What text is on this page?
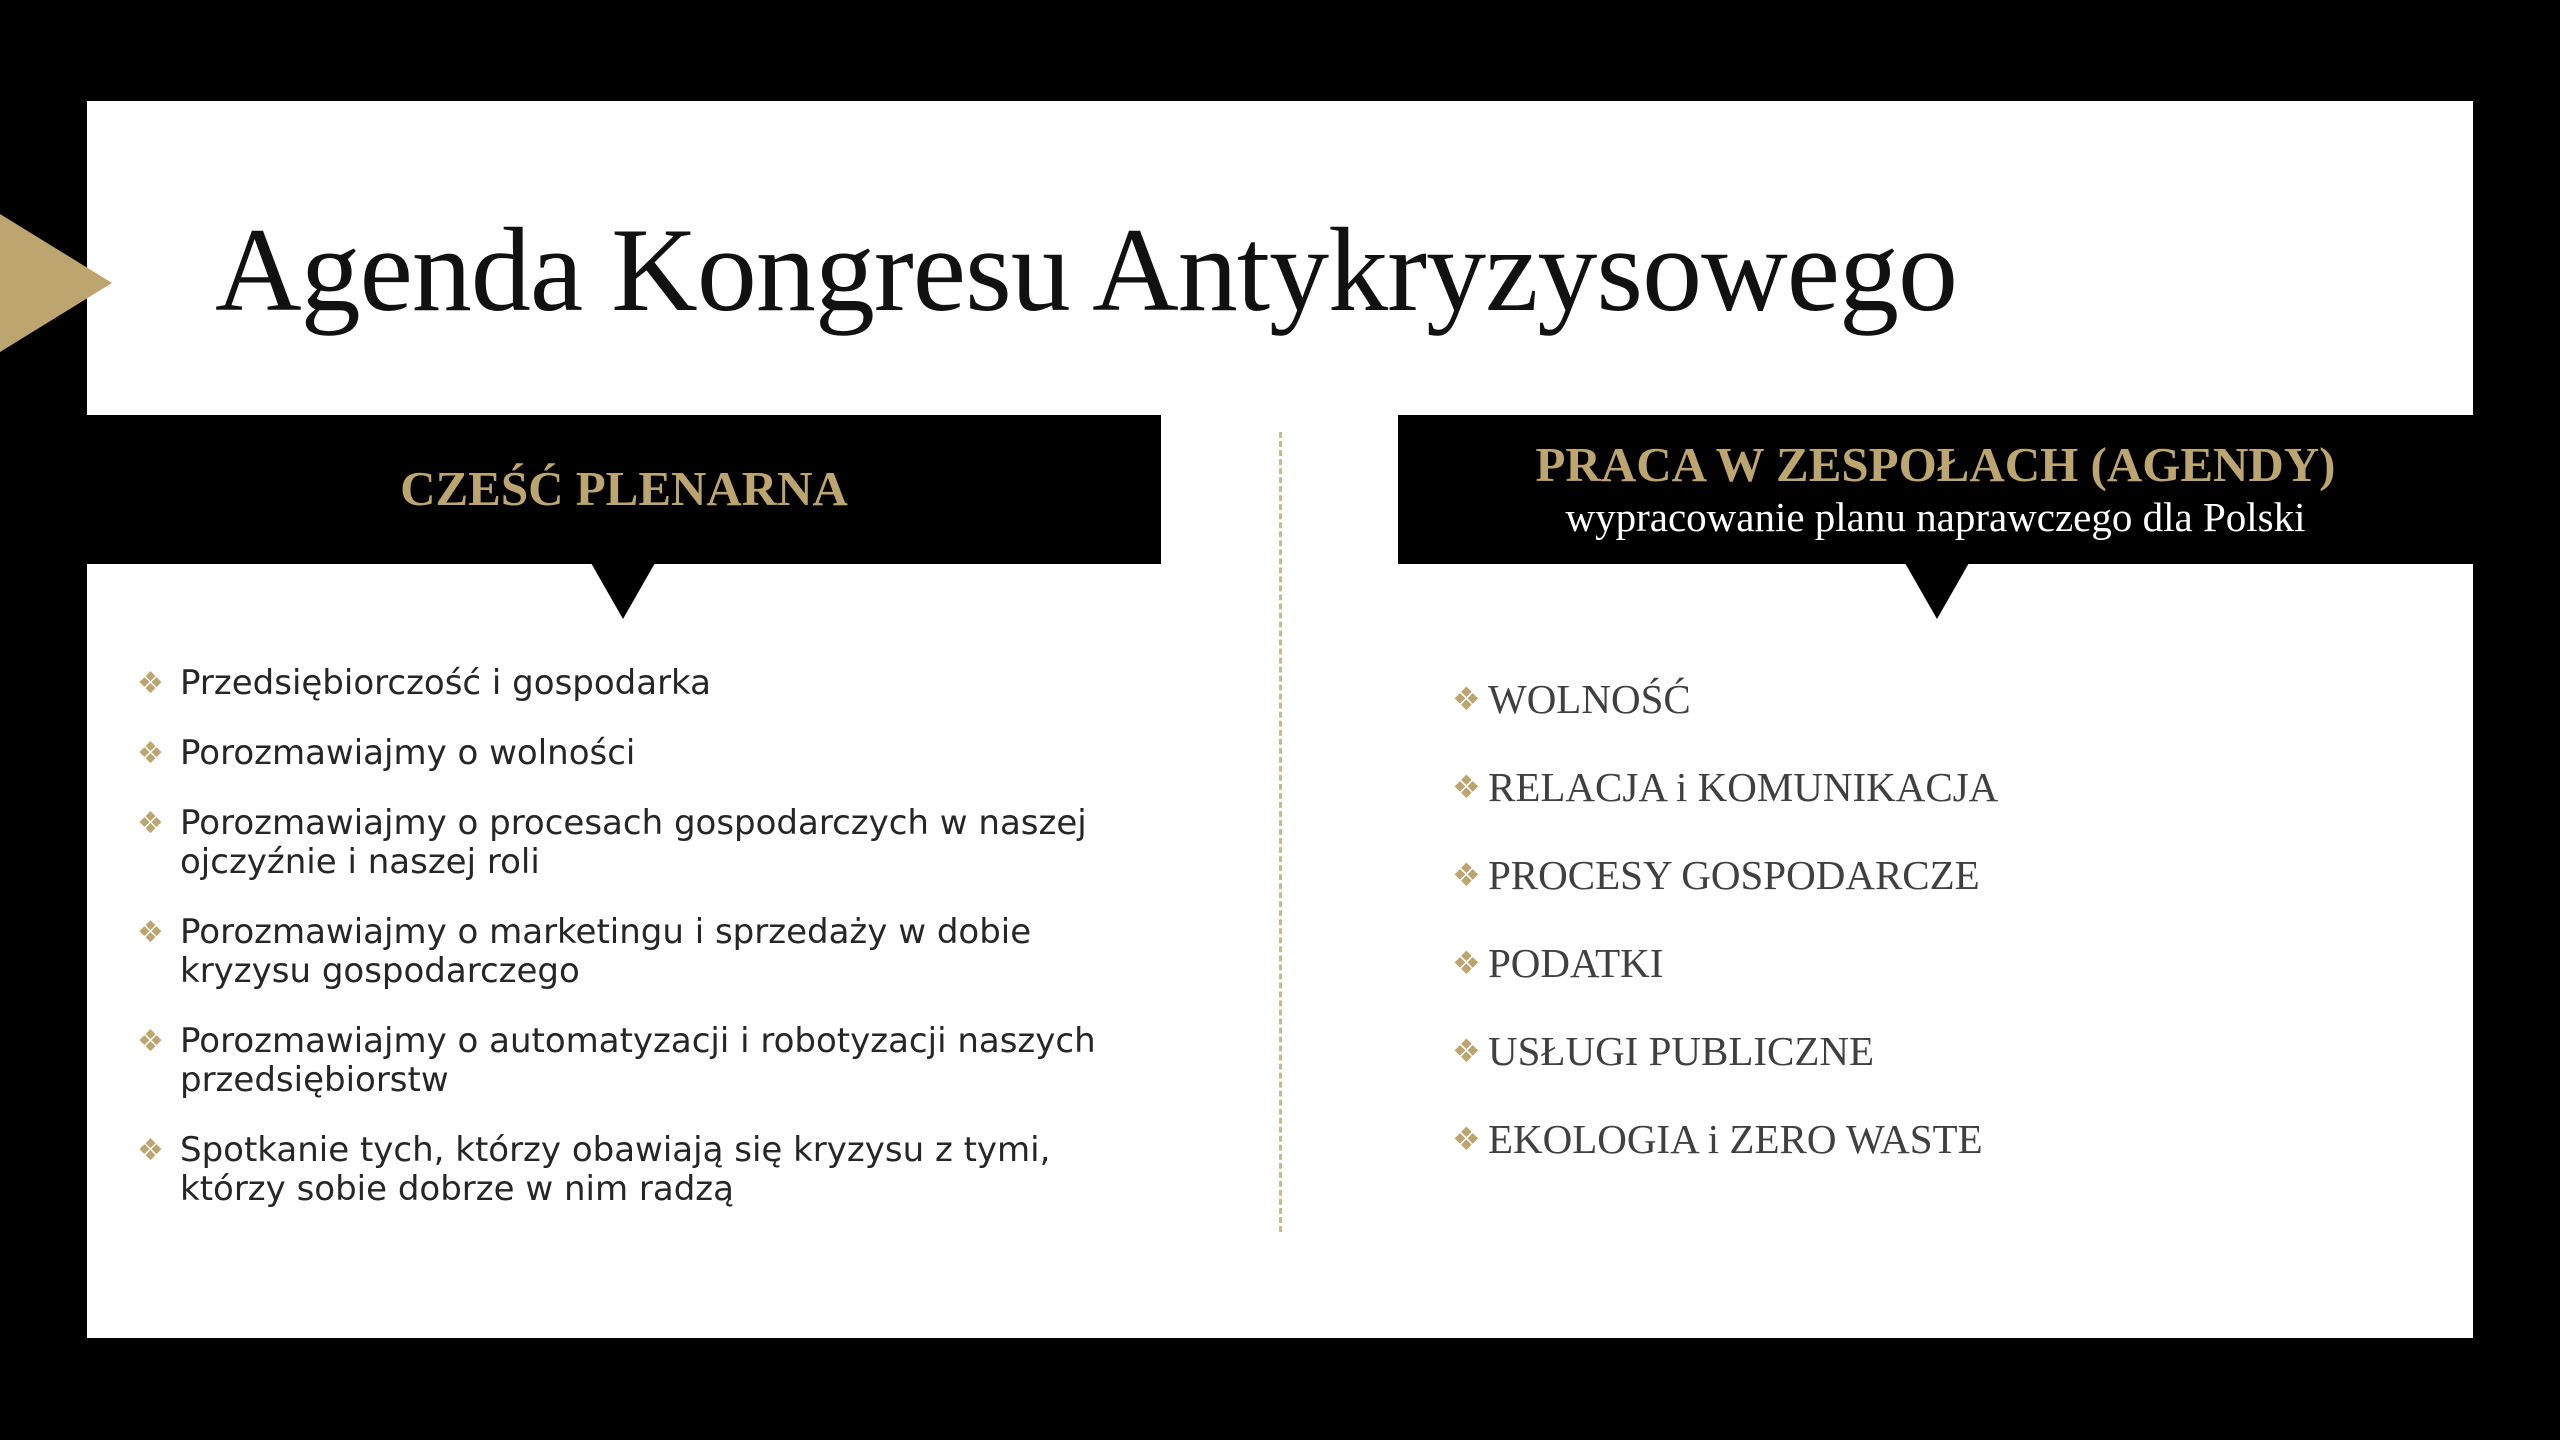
Agenda Kongresu Antykryzysowego
CZEŚĆ PLENARNA	PRACA W ZESPOŁACH (AGENDY)
wypracowanie planu naprawczego dla Polski
❖ Przedsiębiorczość i gospodarka
❖ Porozmawiajmy o wolności
❖ Porozmawiajmy o procesach gospodarczych w naszej ojczyźnie i naszej roli
❖ Porozmawiajmy o marketingu i sprzedaży w dobie kryzysu gospodarczego
❖ Porozmawiajmy o automatyzacji i robotyzacji naszych przedsiębiorstw
❖ Spotkanie tych, którzy obawiają się kryzysu z tymi, którzy sobie dobrze w nim radzą
❖ WOLNOŚĆ
❖ RELACJA i KOMUNIKACJA
❖ PROCESY GOSPODARCZE
❖ PODATKI
❖ USŁUGI PUBLICZNE
❖ EKOLOGIA i ZERO WASTE
